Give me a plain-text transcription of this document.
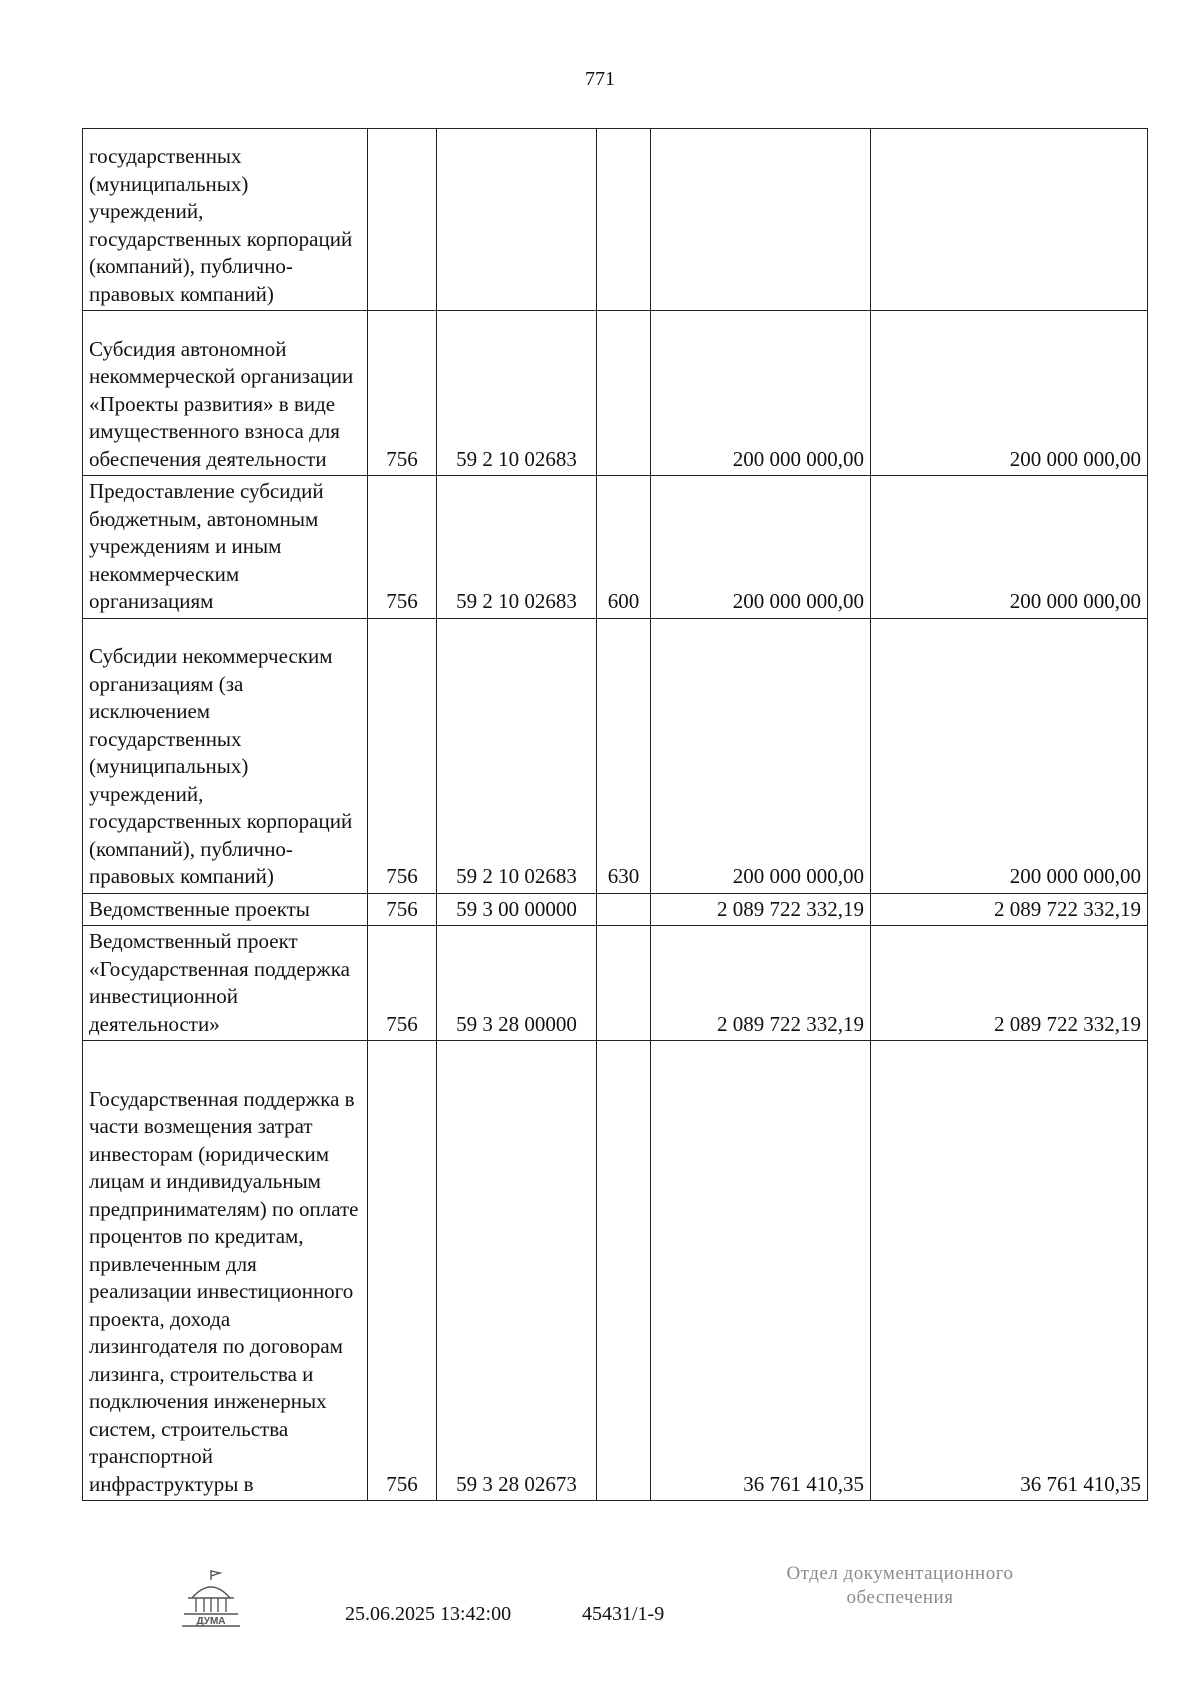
771
государственных (муниципальных) учреждений, государственных корпораций (компаний), публично-правовых компаний)					
Субсидия автономной некоммерческой организации «Проекты развития» в виде имущественного взноса для обеспечения деятельности	756	59 2 10 02683		200 000 000,00	200 000 000,00
Предоставление субсидий бюджетным, автономным учреждениям и иным некоммерческим организациям	756	59 2 10 02683	600	200 000 000,00	200 000 000,00
Субсидии некоммерческим организациям (за исключением государственных (муниципальных) учреждений, государственных корпораций (компаний), публично-правовых компаний)	756	59 2 10 02683	630	200 000 000,00	200 000 000,00
Ведомственные проекты	756	59 3 00 00000		2 089 722 332,19	2 089 722 332,19
Ведомственный проект «Государственная поддержка инвестиционной деятельности»	756	59 3 28 00000		2 089 722 332,19	2 089 722 332,19
Государственная поддержка в части возмещения затрат инвесторам (юридическим лицам и индивидуальным предпринимателям) по оплате процентов по кредитам, привлеченным для реализации инвестиционного проекта, дохода лизингодателя по договорам лизинга, строительства и подключения инженерных систем, строительства транспортной инфраструктуры в	756	59 3 28 02673		36 761 410,35	36 761 410,35
ДУМА	25.06.2025 13:42:00	45431/1-9
Отдел документационного
обеспечения
